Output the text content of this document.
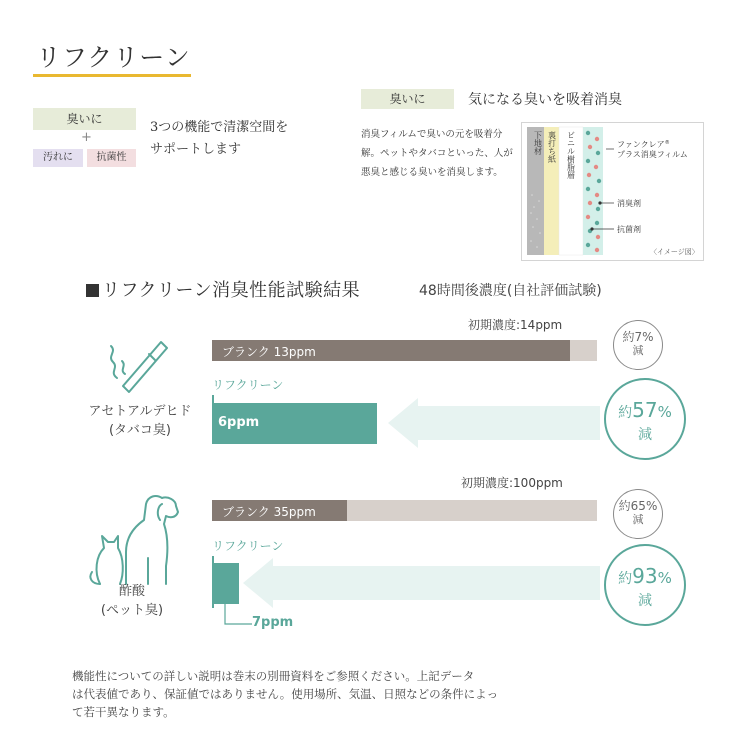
リフクリーン
臭いに
+
汚れに	抗菌性
3つの機能で清潔空間を
サポートします
臭いに	気になる臭いを吸着消臭
消臭フィルムで臭いの元を吸着分解。ペットやタバコといった、人が悪臭と感じる臭いを消臭します。
下地材 裏打ち紙 ビニル樹脂層	ファンクレア®
プラス消臭フィルム
消臭剤
抗菌剤
〈イメージ図〉
リフクリーン消臭性能試験結果	48時間後濃度(自社評価試験)
アセトアルデヒド
(タバコ臭)
初期濃度:14ppm
ブランク 13ppm
リフクリーン
6ppm
約7%
減
約57%
減
酢酸
(ペット臭)
初期濃度:100ppm
ブランク 35ppm
リフクリーン
7ppm
約65%
減
約93%
減
機能性についての詳しい説明は巻末の別冊資料をご参照ください。上記データ
は代表値であり、保証値ではありません。使用場所、気温、日照などの条件によっ
て若干異なります。
